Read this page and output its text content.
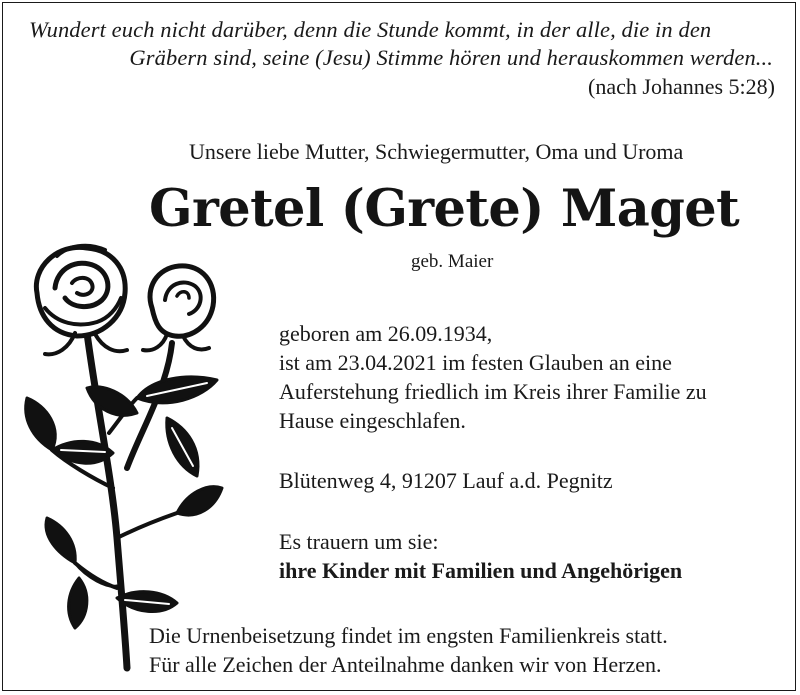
Wundert euch nicht darüber, denn die Stunde kommt, in der alle, die in den
Gräbern sind, seine (Jesu) Stimme hören und herauskommen werden...
(nach Johannes 5:28)
Unsere liebe Mutter, Schwiegermutter, Oma und Uroma
Gretel (Grete) Maget
geb. Maier
geboren am 26.09.1934,
ist am 23.04.2021 im festen Glauben an eine
Auferstehung friedlich im Kreis ihrer Familie zu
Hause eingeschlafen.
Blütenweg 4, 91207 Lauf a.d. Pegnitz
Es trauern um sie:
ihre Kinder mit Familien und Angehörigen
Die Urnenbeisetzung findet im engsten Familienkreis statt.
Für alle Zeichen der Anteilnahme danken wir von Herzen.
